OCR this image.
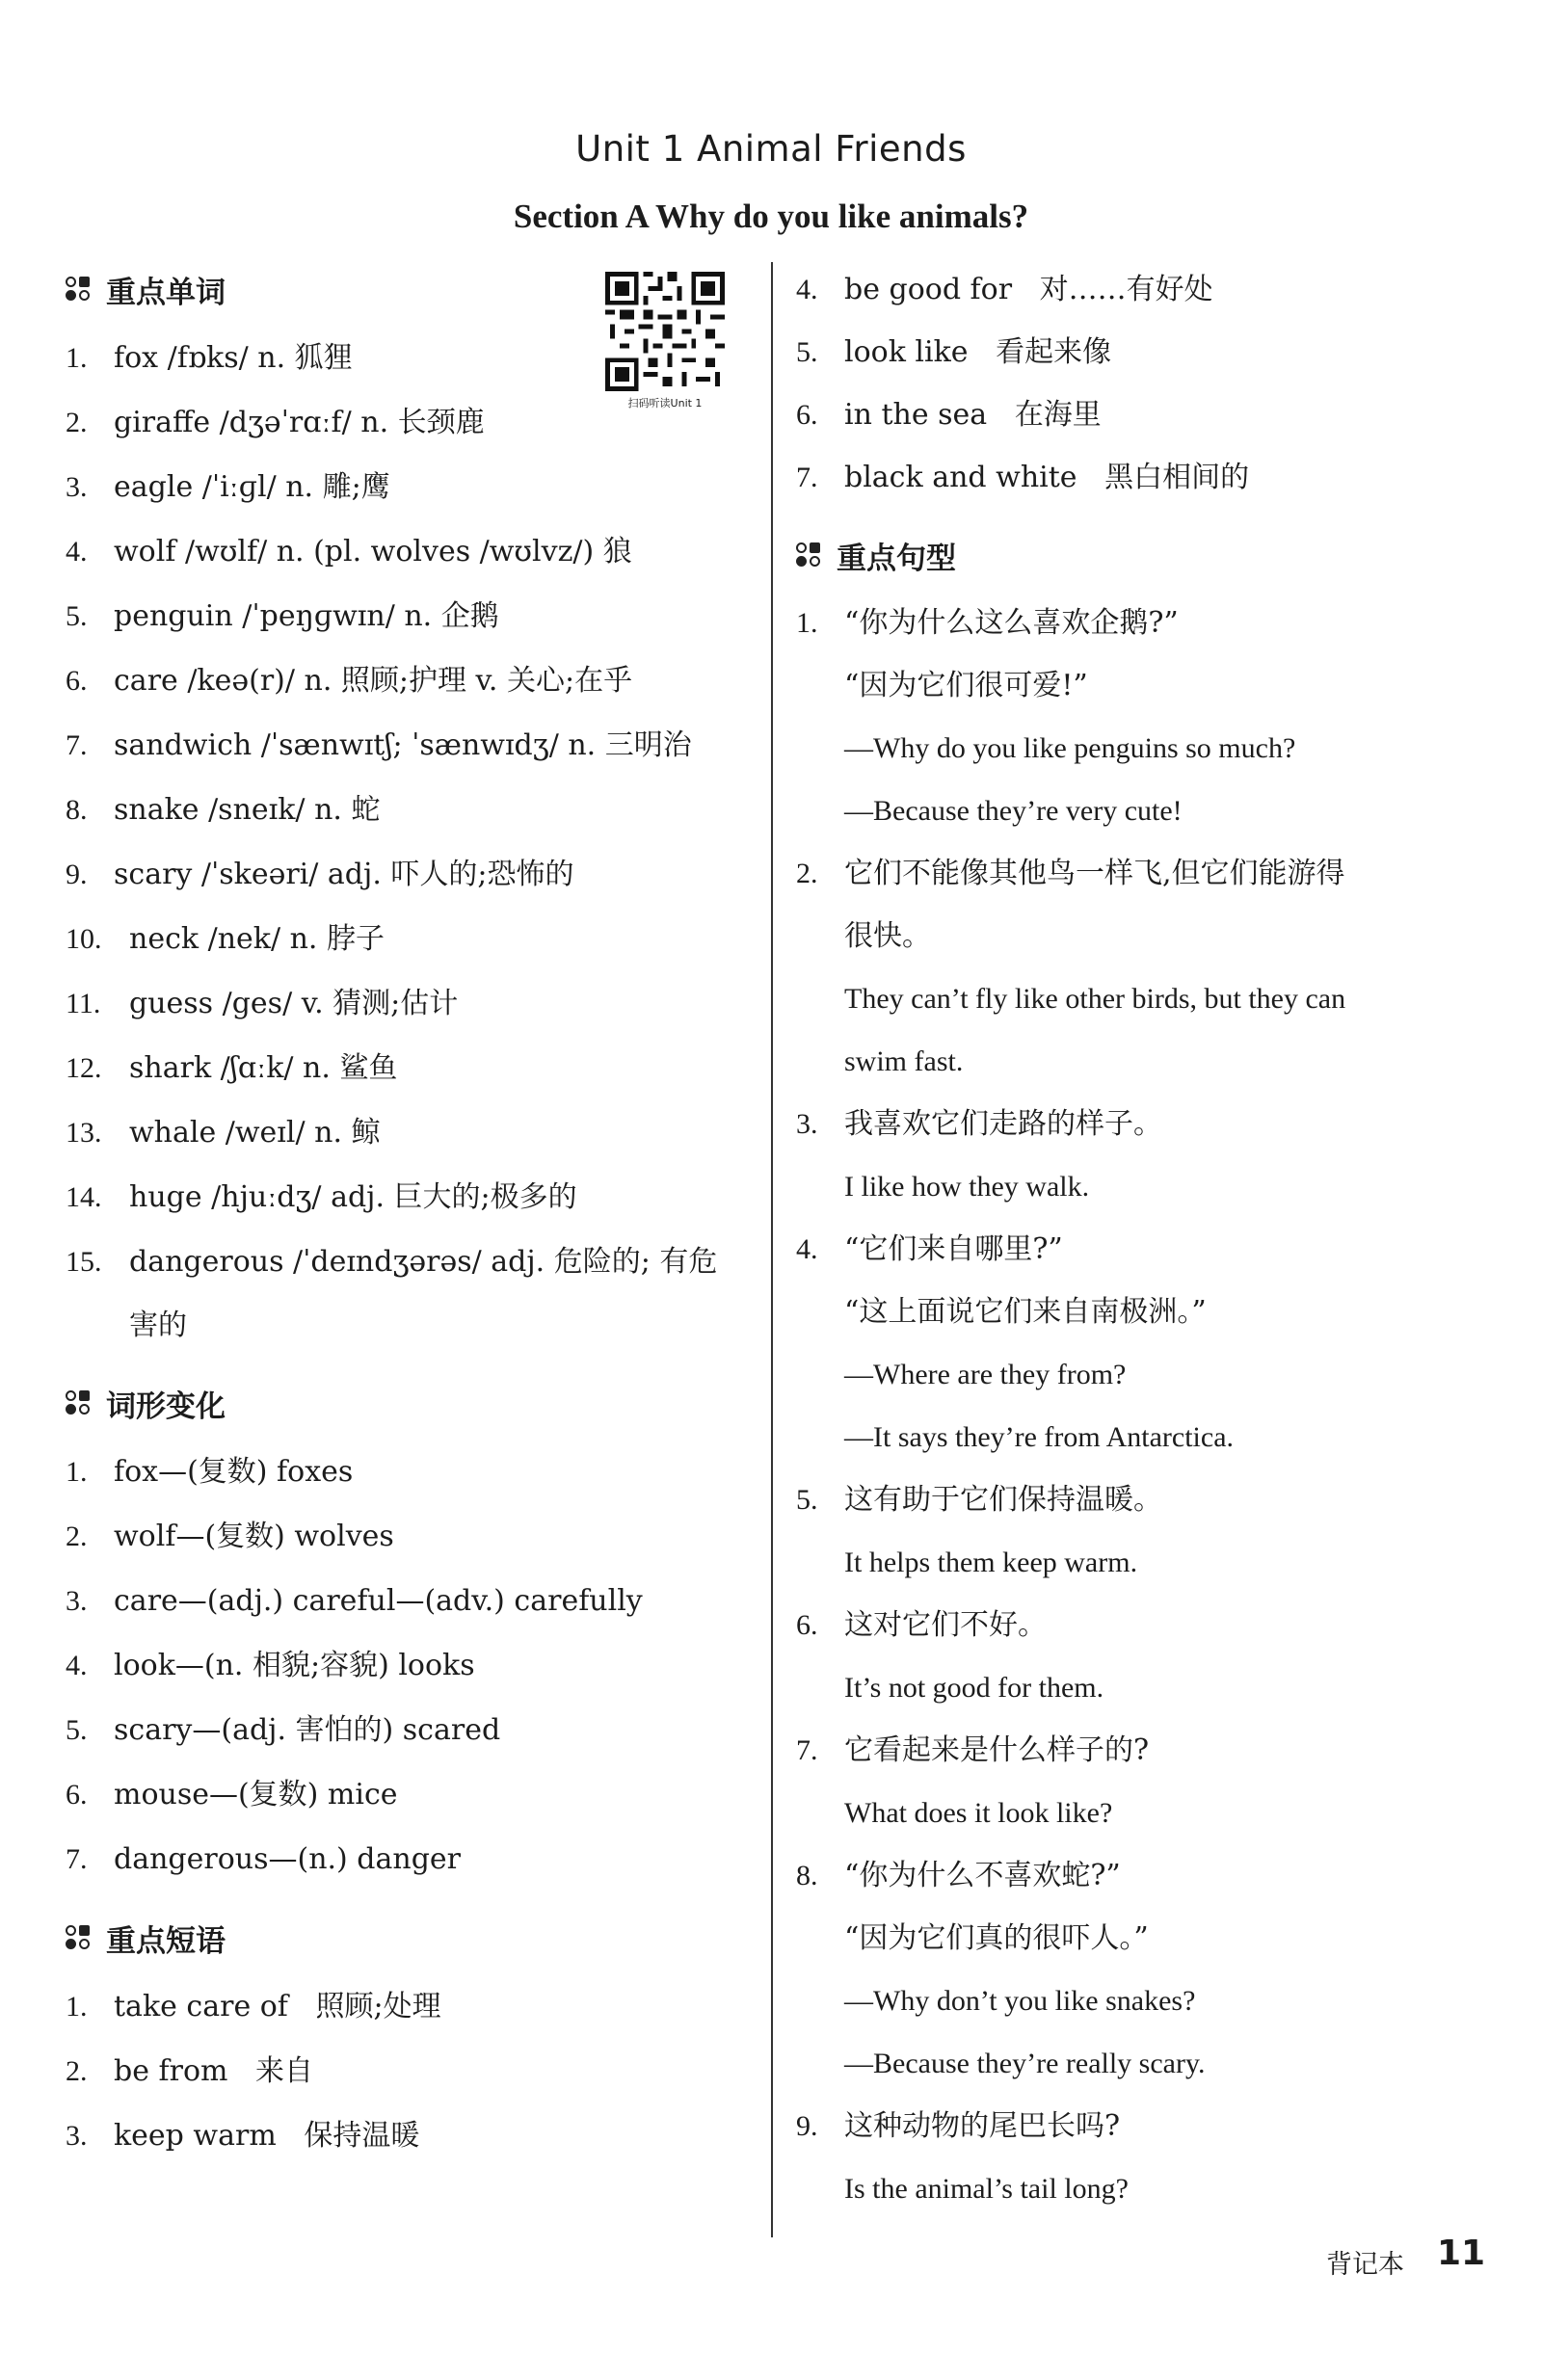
Unit 1 Animal Friends
Section A Why do you like animals?
扫码听读Unit 1
重点单词
1. fox /fɒks/ n. 狐狸
2. giraffe /dʒəˈrɑːf/ n. 长颈鹿
3. eagle /ˈiːɡl/ n. 雕;鹰
4. wolf /wʊlf/ n. (pl. wolves /wʊlvz/) 狼
5. penguin /ˈpeŋɡwɪn/ n. 企鹅
6. care /keə(r)/ n. 照顾;护理 v. 关心;在乎
7. sandwich /ˈsænwɪtʃ; ˈsænwɪdʒ/ n. 三明治
8. snake /sneɪk/ n. 蛇
9. scary /ˈskeəri/ adj. 吓人的;恐怖的
10. neck /nek/ n. 脖子
11. guess /ges/ v. 猜测;估计
12. shark /ʃɑːk/ n. 鲨鱼
13. whale /weɪl/ n. 鲸
14. huge /hjuːdʒ/ adj. 巨大的;极多的
15. dangerous /ˈdeɪndʒərəs/ adj. 危险的; 有危
害的
词形变化
1. fox—(复数) foxes
2. wolf—(复数) wolves
3. care—(adj.) careful—(adv.) carefully
4. look—(n. 相貌;容貌) looks
5. scary—(adj. 害怕的) scared
6. mouse—(复数) mice
7. dangerous—(n.) danger
重点短语
1. take care of   照顾;处理
2. be from   来自
3. keep warm   保持温暖
4. be good for   对……有好处
5. look like   看起来像
6. in the sea   在海里
7. black and white   黑白相间的
重点句型
1. “你为什么这么喜欢企鹅?”
“因为它们很可爱!”
—Why do you like penguins so much?
—Because they’re very cute!
2. 它们不能像其他鸟一样飞,但它们能游得
很快。
They can’t fly like other birds, but they can
swim fast.
3. 我喜欢它们走路的样子。
I like how they walk.
4. “它们来自哪里?”
“这上面说它们来自南极洲。”
—Where are they from?
—It says they’re from Antarctica.
5. 这有助于它们保持温暖。
It helps them keep warm.
6. 这对它们不好。
It’s not good for them.
7. 它看起来是什么样子的?
What does it look like?
8. “你为什么不喜欢蛇?”
“因为它们真的很吓人。”
—Why don’t you like snakes?
—Because they’re really scary.
9. 这种动物的尾巴长吗?
Is the animal’s tail long?
背记本 11
